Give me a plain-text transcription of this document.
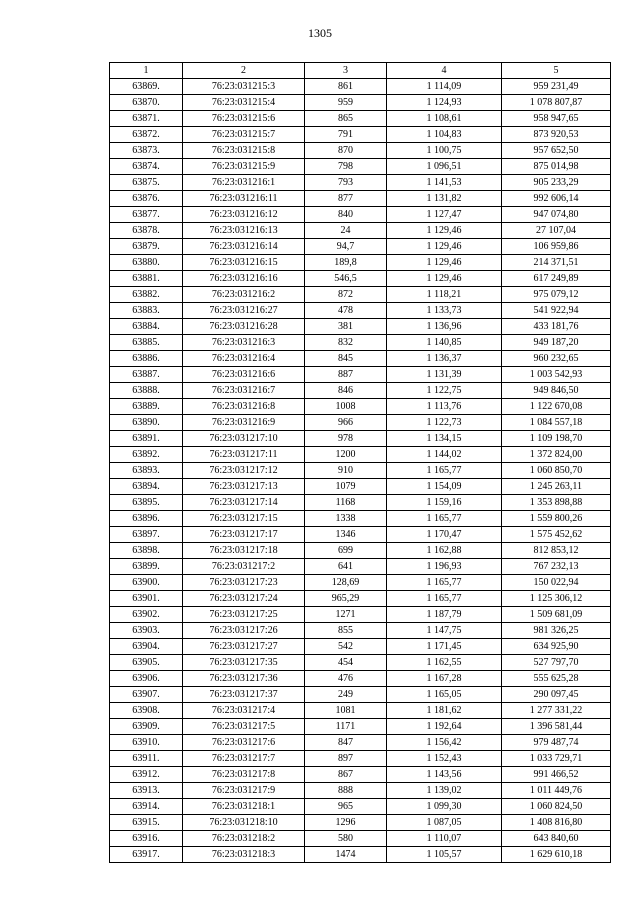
1305
1	2	3	4	5
63869.	76:23:031215:3	861	1 114,09	959 231,49
63870.	76:23:031215:4	959	1 124,93	1 078 807,87
63871.	76:23:031215:6	865	1 108,61	958 947,65
63872.	76:23:031215:7	791	1 104,83	873 920,53
63873.	76:23:031215:8	870	1 100,75	957 652,50
63874.	76:23:031215:9	798	1 096,51	875 014,98
63875.	76:23:031216:1	793	1 141,53	905 233,29
63876.	76:23:031216:11	877	1 131,82	992 606,14
63877.	76:23:031216:12	840	1 127,47	947 074,80
63878.	76:23:031216:13	24	1 129,46	27 107,04
63879.	76:23:031216:14	94,7	1 129,46	106 959,86
63880.	76:23:031216:15	189,8	1 129,46	214 371,51
63881.	76:23:031216:16	546,5	1 129,46	617 249,89
63882.	76:23:031216:2	872	1 118,21	975 079,12
63883.	76:23:031216:27	478	1 133,73	541 922,94
63884.	76:23:031216:28	381	1 136,96	433 181,76
63885.	76:23:031216:3	832	1 140,85	949 187,20
63886.	76:23:031216:4	845	1 136,37	960 232,65
63887.	76:23:031216:6	887	1 131,39	1 003 542,93
63888.	76:23:031216:7	846	1 122,75	949 846,50
63889.	76:23:031216:8	1008	1 113,76	1 122 670,08
63890.	76:23:031216:9	966	1 122,73	1 084 557,18
63891.	76:23:031217:10	978	1 134,15	1 109 198,70
63892.	76:23:031217:11	1200	1 144,02	1 372 824,00
63893.	76:23:031217:12	910	1 165,77	1 060 850,70
63894.	76:23:031217:13	1079	1 154,09	1 245 263,11
63895.	76:23:031217:14	1168	1 159,16	1 353 898,88
63896.	76:23:031217:15	1338	1 165,77	1 559 800,26
63897.	76:23:031217:17	1346	1 170,47	1 575 452,62
63898.	76:23:031217:18	699	1 162,88	812 853,12
63899.	76:23:031217:2	641	1 196,93	767 232,13
63900.	76:23:031217:23	128,69	1 165,77	150 022,94
63901.	76:23:031217:24	965,29	1 165,77	1 125 306,12
63902.	76:23:031217:25	1271	1 187,79	1 509 681,09
63903.	76:23:031217:26	855	1 147,75	981 326,25
63904.	76:23:031217:27	542	1 171,45	634 925,90
63905.	76:23:031217:35	454	1 162,55	527 797,70
63906.	76:23:031217:36	476	1 167,28	555 625,28
63907.	76:23:031217:37	249	1 165,05	290 097,45
63908.	76:23:031217:4	1081	1 181,62	1 277 331,22
63909.	76:23:031217:5	1171	1 192,64	1 396 581,44
63910.	76:23:031217:6	847	1 156,42	979 487,74
63911.	76:23:031217:7	897	1 152,43	1 033 729,71
63912.	76:23:031217:8	867	1 143,56	991 466,52
63913.	76:23:031217:9	888	1 139,02	1 011 449,76
63914.	76:23:031218:1	965	1 099,30	1 060 824,50
63915.	76:23:031218:10	1296	1 087,05	1 408 816,80
63916.	76:23:031218:2	580	1 110,07	643 840,60
63917.	76:23:031218:3	1474	1 105,57	1 629 610,18
